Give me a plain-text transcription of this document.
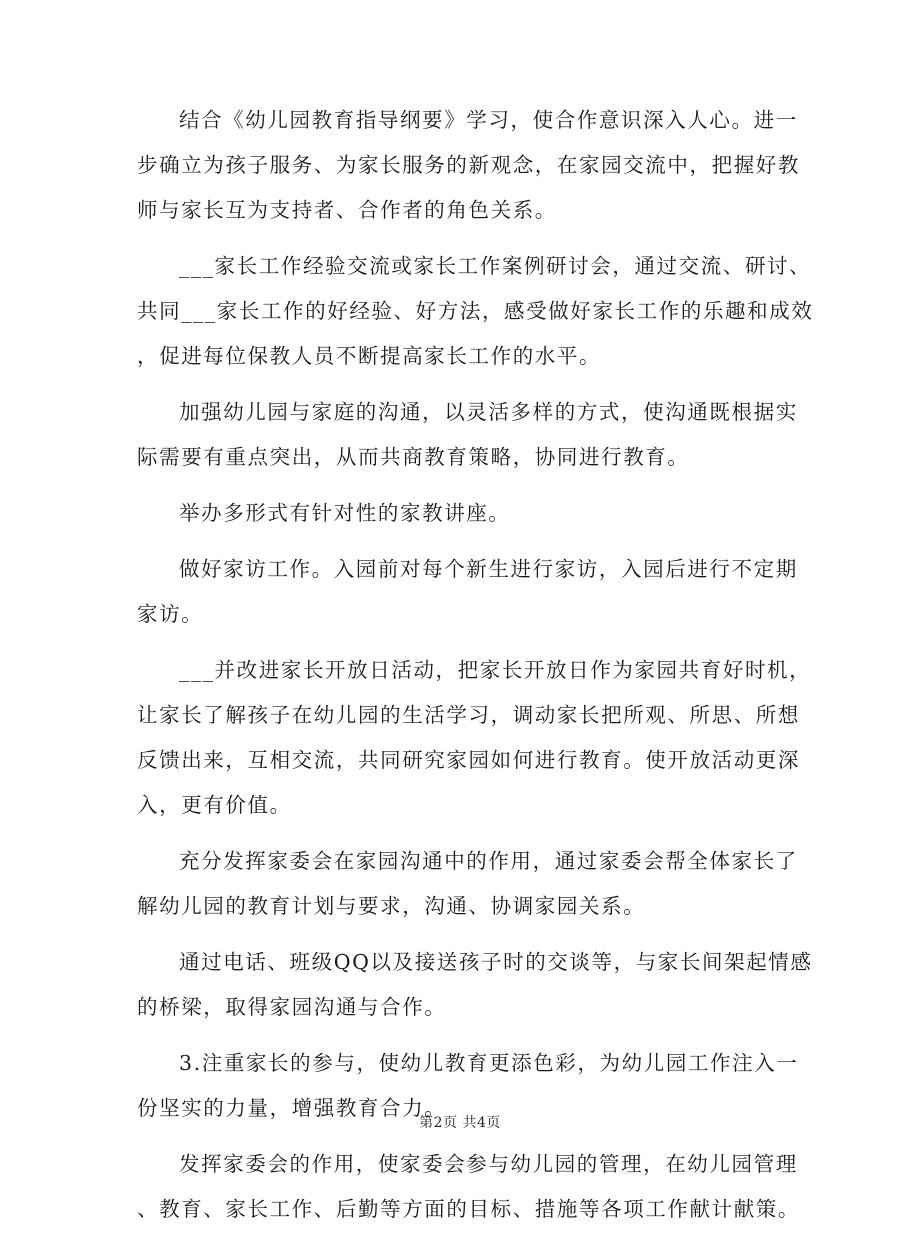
结合《幼儿园教育指导纲要》学习，使合作意识深入人心。进一
步确立为孩子服务、为家长服务的新观念，在家园交流中，把握好教
师与家长互为支持者、合作者的角色关系。

___家长工作经验交流或家长工作案例研讨会，通过交流、研讨、
共同___家长工作的好经验、好方法，感受做好家长工作的乐趣和成效
，促进每位保教人员不断提高家长工作的水平。

加强幼儿园与家庭的沟通，以灵活多样的方式，使沟通既根据实
际需要有重点突出，从而共商教育策略，协同进行教育。

举办多形式有针对性的家教讲座。

做好家访工作。入园前对每个新生进行家访，入园后进行不定期
家访。

___并改进家长开放日活动，把家长开放日作为家园共育好时机，
让家长了解孩子在幼儿园的生活学习，调动家长把所观、所思、所想
反馈出来，互相交流，共同研究家园如何进行教育。使开放活动更深
入，更有价值。

充分发挥家委会在家园沟通中的作用，通过家委会帮全体家长了
解幼儿园的教育计划与要求，沟通、协调家园关系。

通过电话、班级QQ以及接送孩子时的交谈等，与家长间架起情感
的桥梁，取得家园沟通与合作。

3.注重家长的参与，使幼儿教育更添色彩，为幼儿园工作注入一
份坚实的力量，增强教育合力。

发挥家委会的作用，使家委会参与幼儿园的管理，在幼儿园管理
、教育、家长工作、后勤等方面的目标、措施等各项工作献计献策。

第2页 共4页
